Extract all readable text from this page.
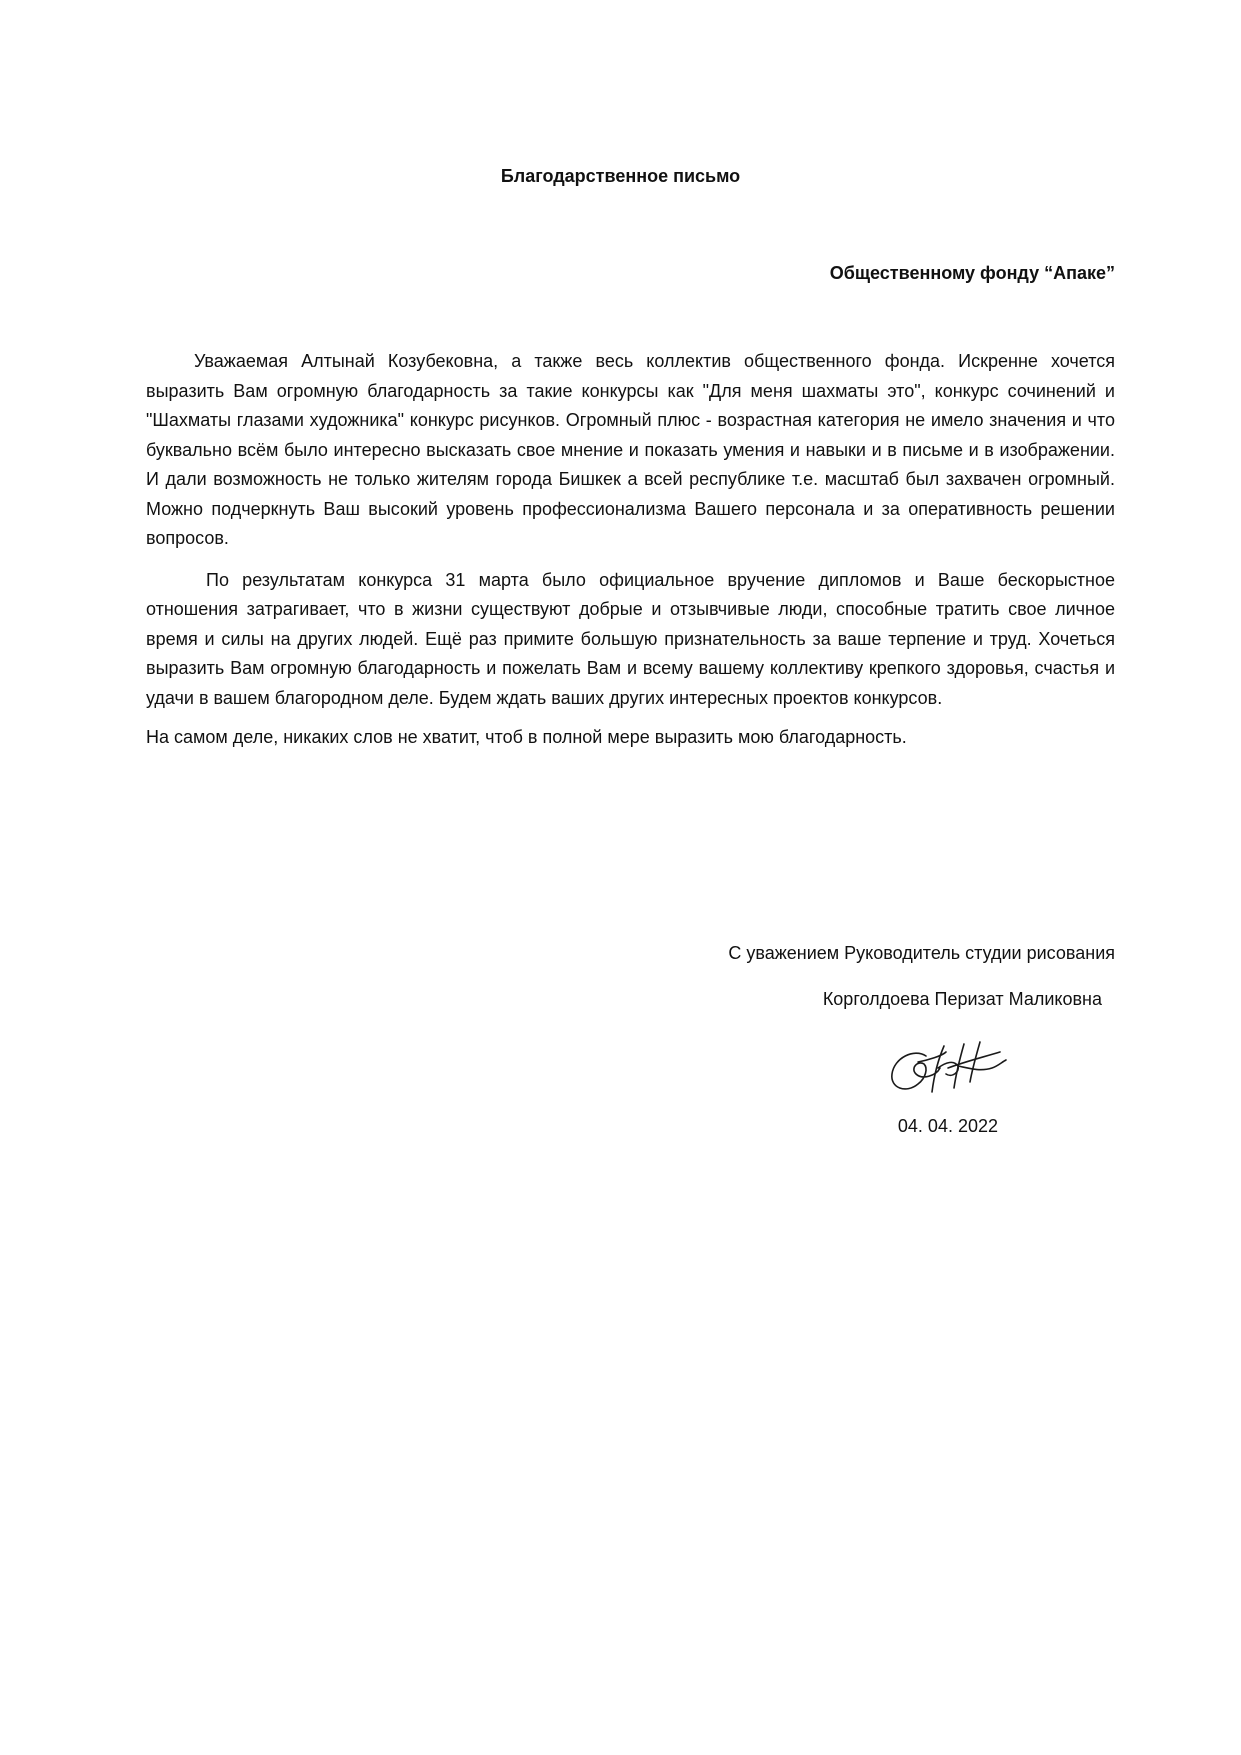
Благодарственное письмо
Общественному фонду “Апаке”

Уважаемая Алтынай Козубековна, а также весь коллектив общественного фонда. Искренне хочется выразить Вам огромную благодарность за такие конкурсы как "Для меня шахматы это", конкурс сочинений и "Шахматы глазами художника" конкурс рисунков. Огромный плюс - возрастная категория не имело значения и что буквально всём было интересно высказать свое мнение и показать умения и навыки и в письме и в изображении. И дали возможность не только жителям города Бишкек а всей республике т.е. масштаб был захвачен огромный. Можно подчеркнуть Ваш высокий уровень профессионализма Вашего персонала и за оперативность решении вопросов.

По результатам конкурса 31 марта было официальное вручение дипломов и Ваше бескорыстное отношения затрагивает, что в жизни существуют добрые и отзывчивые люди, способные тратить свое личное время и силы на других людей. Ещё раз примите большую признательность за ваше терпение и труд. Хочеться выразить Вам огромную благодарность и пожелать Вам и всему вашему коллективу крепкого здоровья, счастья и удачи в вашем благородном деле. Будем ждать ваших других интересных проектов конкурсов.

На самом деле, никаких слов не хватит, чтоб в полной мере выразить мою благодарность.

С уважением Руководитель студии рисования
Корголдоева Перизат Маликовна
04. 04. 2022
